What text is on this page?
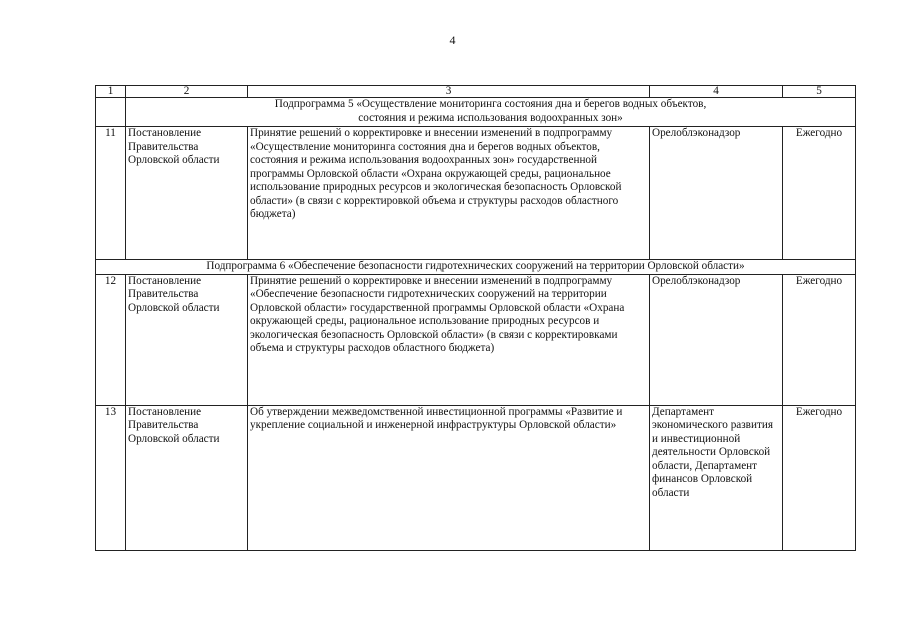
4
1	2	3	4	5

	Подпрограмма 5 «Осуществление мониторинга состояния дна и берегов водных объектов,
состояния и режима использования водоохранных зон»			

11	Постановление Правительства Орловской области	Принятие решений о корректировке и внесении изменений в подпрограмму «Осуществление мониторинга состояния дна и берегов водных объектов, состояния и режима использования водоохранных зон» государственной программы Орловской области «Охрана окружающей среды, рациональное использование природных ресурсов и экологическая безопасность Орловской области» (в связи с корректировкой объема и структуры расходов областного бюджета)	Орелоблэконадзор	Ежегодно

Подпрограмма 6 «Обеспечение безопасности гидротехнических сооружений на территории Орловской области»				

12	Постановление Правительства Орловской области	Принятие решений о корректировке и внесении изменений в подпрограмму «Обеспечение безопасности гидротехнических сооружений на территории Орловской области» государственной программы Орловской области «Охрана окружающей среды, рациональное использование природных ресурсов и экологическая безопасность Орловской области» (в связи с корректировками объема и структуры расходов областного бюджета)	Орелоблэконадзор	Ежегодно
13	Постановление Правительства Орловской области	Об утверждении межведомственной инвестиционной программы «Развитие и укрепление социальной и инженерной инфраструктуры Орловской области»	Департамент экономического развития и инвестиционной деятельности Орловской области, Департамент финансов Орловской области	Ежегодно
